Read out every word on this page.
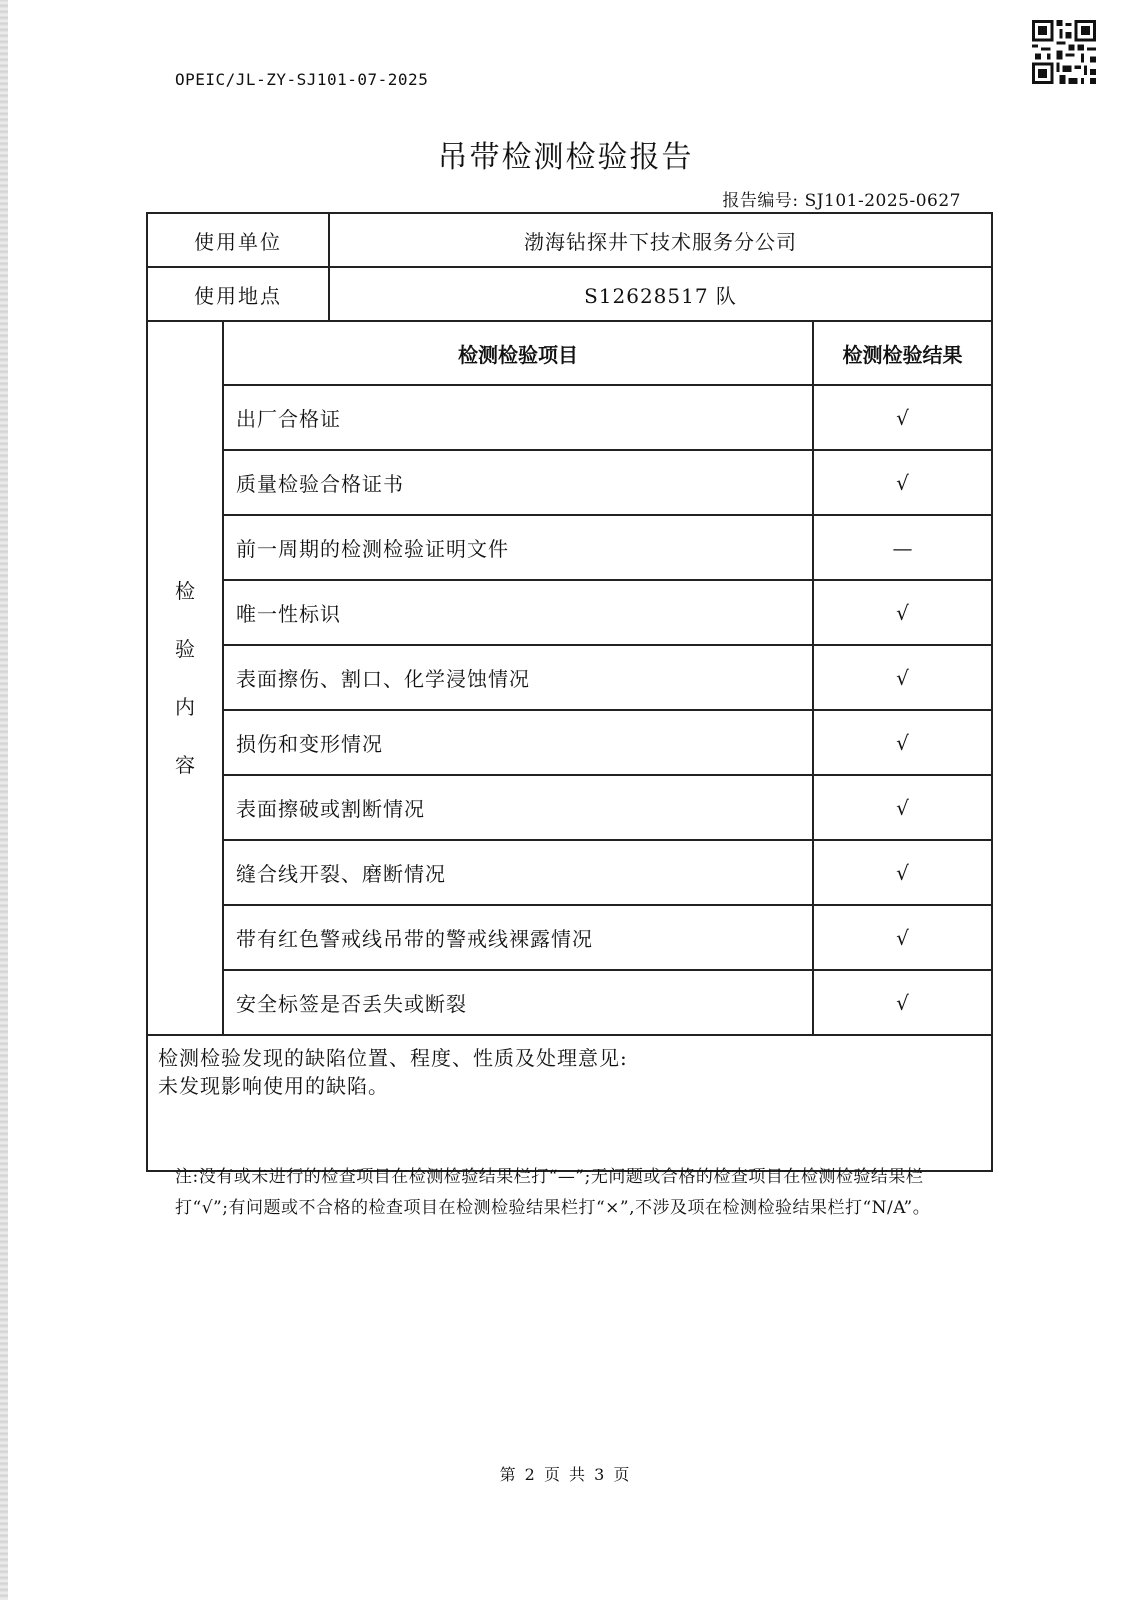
OPEIC/JL-ZY-SJ101-07-2025
吊带检测检验报告
报告编号: SJ101-2025-0627
使用单位		渤海钻探井下技术服务分公司	
使用地点		S12628517 队	

检
验
内
容	检测检验项目		检测检验结果
	出厂合格证		√
	质量检验合格证书		√
	前一周期的检测检验证明文件		—
	唯一性标识		√
	表面擦伤、割口、化学浸蚀情况		√
	损伤和变形情况		√
	表面擦破或割断情况		√
	缝合线开裂、磨断情况		√
	带有红色警戒线吊带的警戒线裸露情况		√
	安全标签是否丢失或断裂		√

检测检验发现的缺陷位置、程度、性质及处理意见:
未发现影响使用的缺陷。			
注:没有或未进行的检查项目在检测检验结果栏打“—”;无问题或合格的检查项目在检测检验结果栏打“√”;有问题或不合格的检查项目在检测检验结果栏打“×”,不涉及项在检测检验结果栏打“N/A”。
第 2 页 共 3 页
